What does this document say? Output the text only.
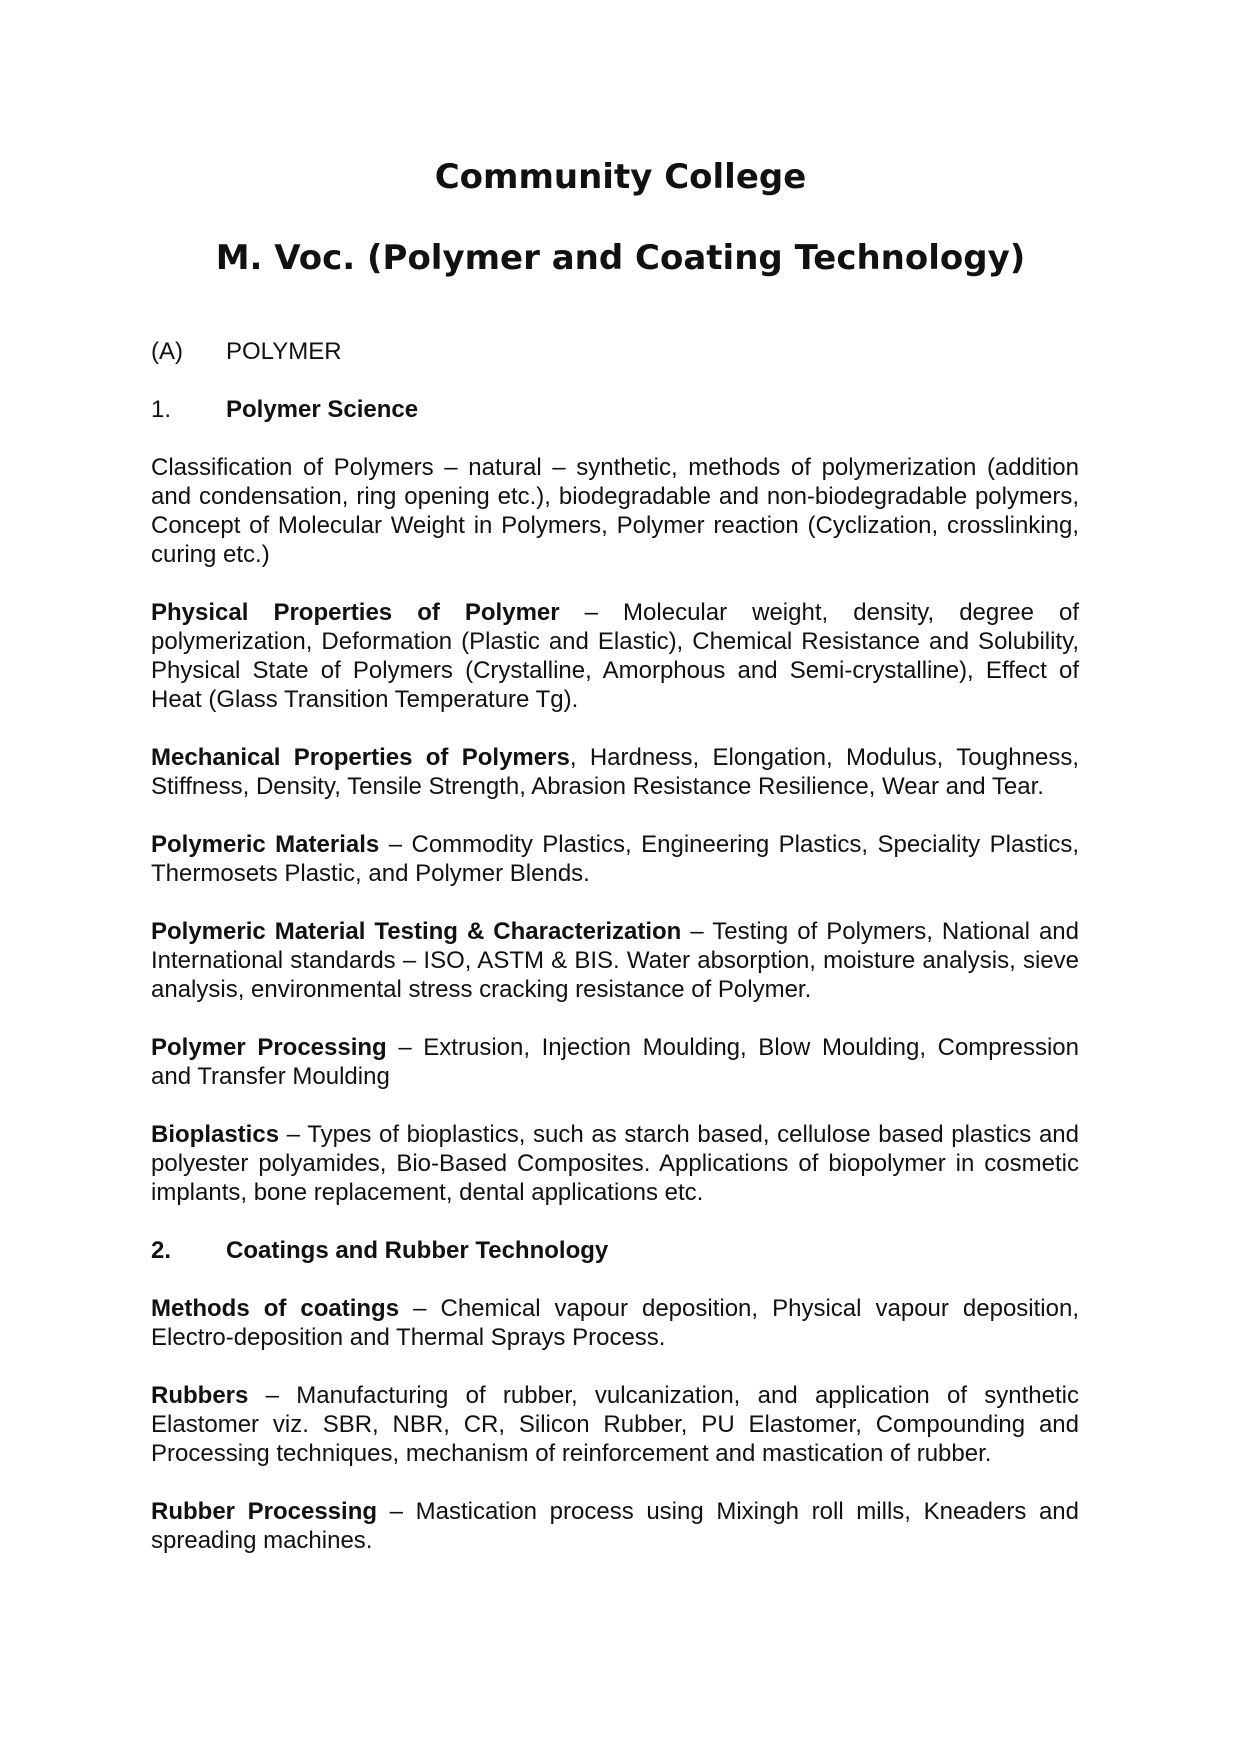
Community College
M. Voc. (Polymer and Coating Technology)
(A)	POLYMER
1.	Polymer Science

Classification of Polymers – natural – synthetic, methods of polymerization (addition and condensation, ring opening etc.), biodegradable and non-biodegradable polymers, Concept of Molecular Weight in Polymers, Polymer reaction (Cyclization, crosslinking, curing etc.)

Physical Properties of Polymer – Molecular weight, density, degree of polymerization, Deformation (Plastic and Elastic), Chemical Resistance and Solubility, Physical State of Polymers (Crystalline, Amorphous and Semi-crystalline), Effect of Heat (Glass Transition Temperature Tg).

Mechanical Properties of Polymers, Hardness, Elongation, Modulus, Toughness, Stiffness, Density, Tensile Strength, Abrasion Resistance Resilience, Wear and Tear.

Polymeric Materials – Commodity Plastics, Engineering Plastics, Speciality Plastics, Thermosets Plastic, and Polymer Blends.

Polymeric Material Testing & Characterization – Testing of Polymers, National and International standards – ISO, ASTM & BIS. Water absorption, moisture analysis, sieve analysis, environmental stress cracking resistance of Polymer.

Polymer Processing – Extrusion, Injection Moulding, Blow Moulding, Compression and Transfer Moulding

Bioplastics – Types of bioplastics, such as starch based, cellulose based plastics and polyester polyamides, Bio-Based Composites. Applications of biopolymer in cosmetic implants, bone replacement, dental applications etc.

2.	Coatings and Rubber Technology

Methods of coatings – Chemical vapour deposition, Physical vapour deposition, Electro-deposition and Thermal Sprays Process.

Rubbers – Manufacturing of rubber, vulcanization, and application of synthetic Elastomer viz. SBR, NBR, CR, Silicon Rubber, PU Elastomer, Compounding and Processing techniques, mechanism of reinforcement and mastication of rubber.

Rubber Processing – Mastication process using Mixingh roll mills, Kneaders and spreading machines.
